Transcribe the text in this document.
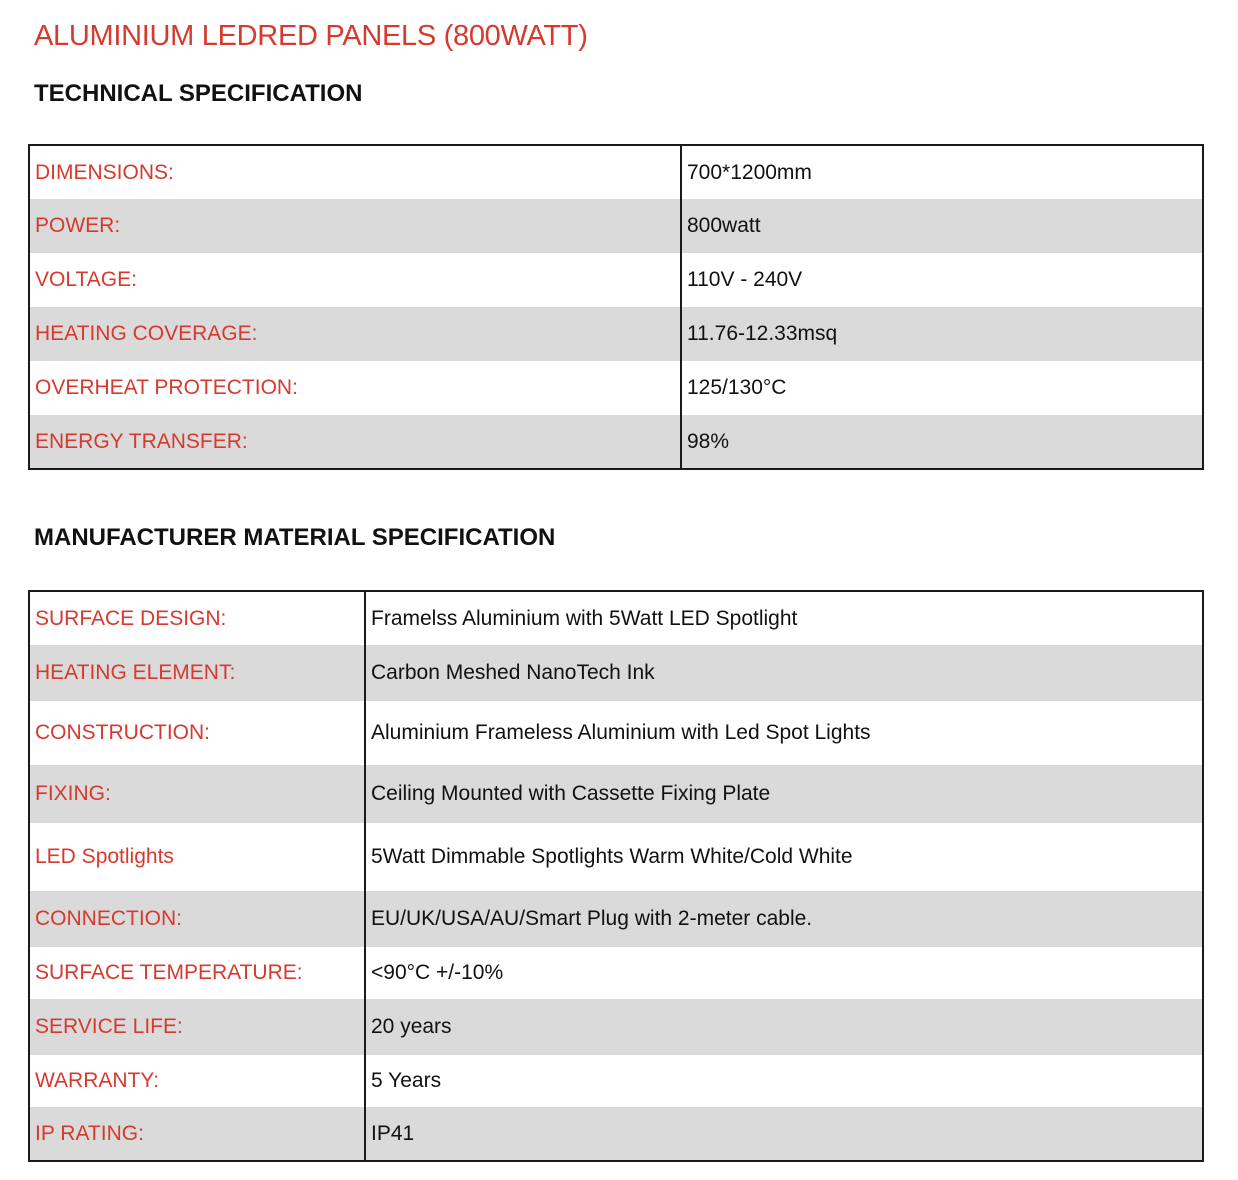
ALUMINIUM LEDRED PANELS (800WATT)
TECHNICAL SPECIFICATION
DIMENSIONS:	700*1200mm
POWER:	800watt
VOLTAGE:	110V - 240V
HEATING COVERAGE:	11.76-12.33msq
OVERHEAT PROTECTION:	125/130°C
ENERGY TRANSFER:	98%
MANUFACTURER MATERIAL SPECIFICATION
SURFACE DESIGN:	Framelss Aluminium with 5Watt LED Spotlight
HEATING ELEMENT:	Carbon Meshed NanoTech Ink
CONSTRUCTION:	Aluminium Frameless Aluminium with Led Spot Lights
FIXING:	Ceiling Mounted with Cassette Fixing Plate
LED Spotlights	5Watt Dimmable Spotlights Warm White/Cold White
CONNECTION:	EU/UK/USA/AU/Smart Plug with 2-meter cable.
SURFACE TEMPERATURE:	<90°C +/-10%
SERVICE LIFE:	20 years
WARRANTY:	5 Years
IP RATING:	IP41
